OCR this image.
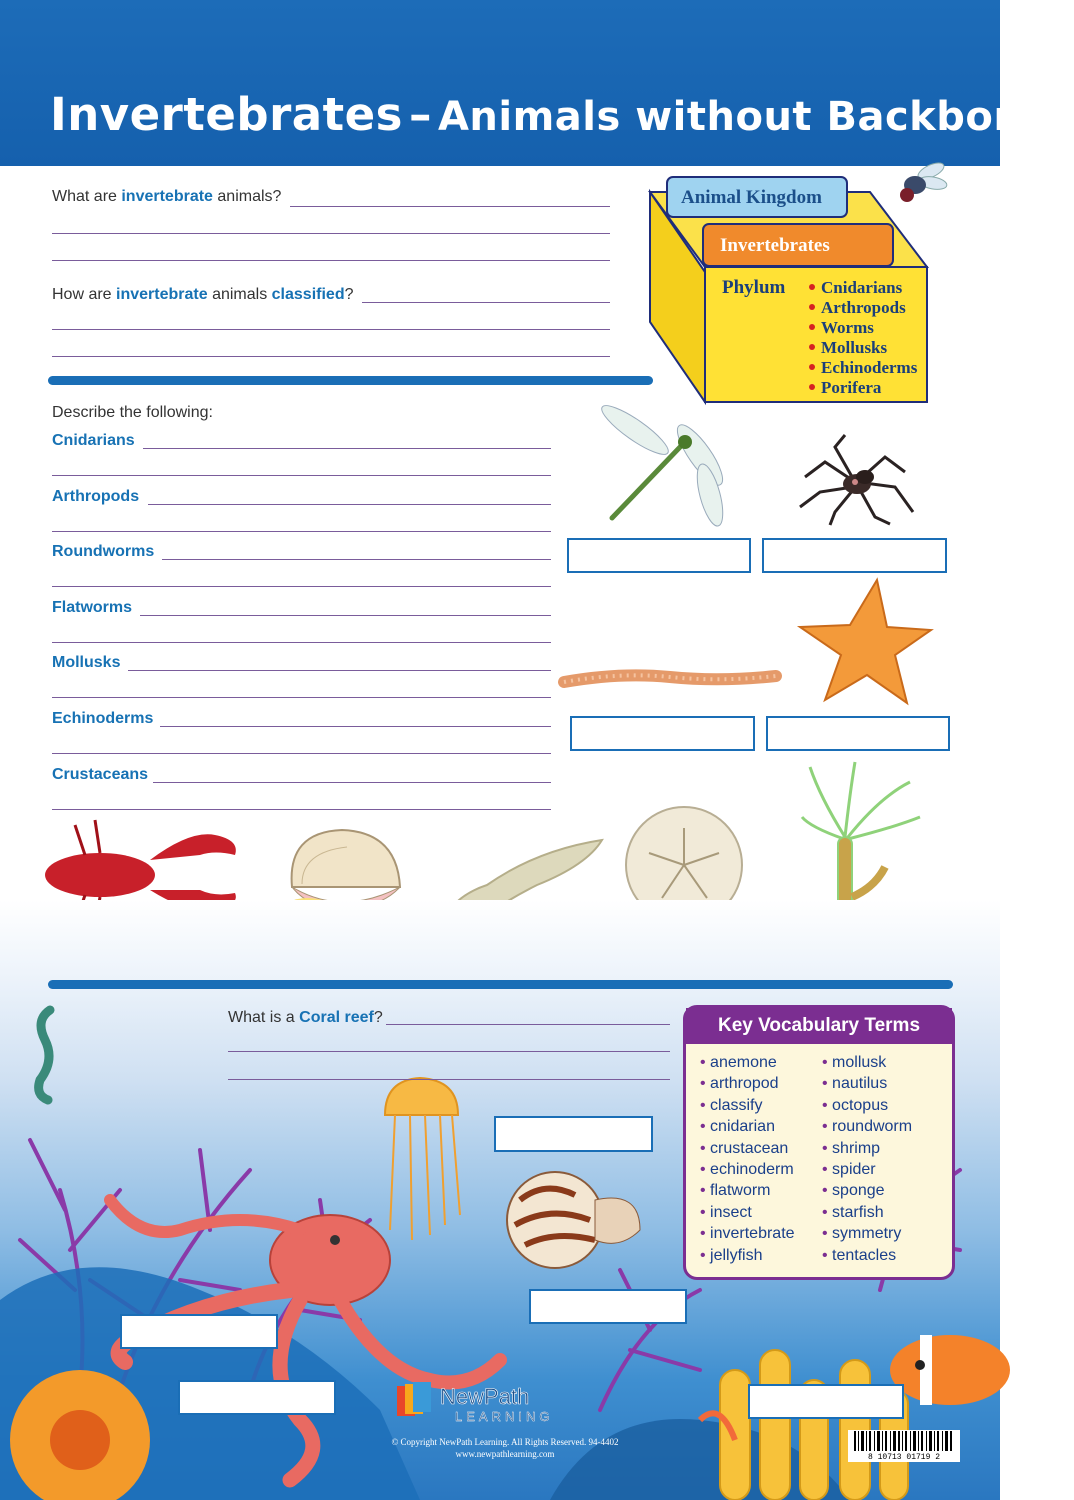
Invertebrates – Animals without Backbones
What are invertebrate animals?
How are invertebrate animals classified?
Animal Kingdom
Invertebrates
Phylum Cnidarians
Arthropods
Worms
Mollusks
Echinoderms
Porifera
Describe the following:
Cnidarians
Arthropods
Roundworms
Flatworms
Mollusks
Echinoderms
Crustaceans
What is a Coral reef?	Key Vocabulary Terms
• anemone
• arthropod
• classify
• cnidarian
• crustacean
• echinoderm
• flatworm
• insect
• invertebrate
• jellyfish
• mollusk
• nautilus
• octopus
• roundworm
• shrimp
• spider
• sponge
• starfish
• symmetry
• tentacles
NewPath
LEARNING
© Copyright NewPath Learning. All Rights Reserved. 94-4402
www.newpathlearning.com	8 10713 01719 2
